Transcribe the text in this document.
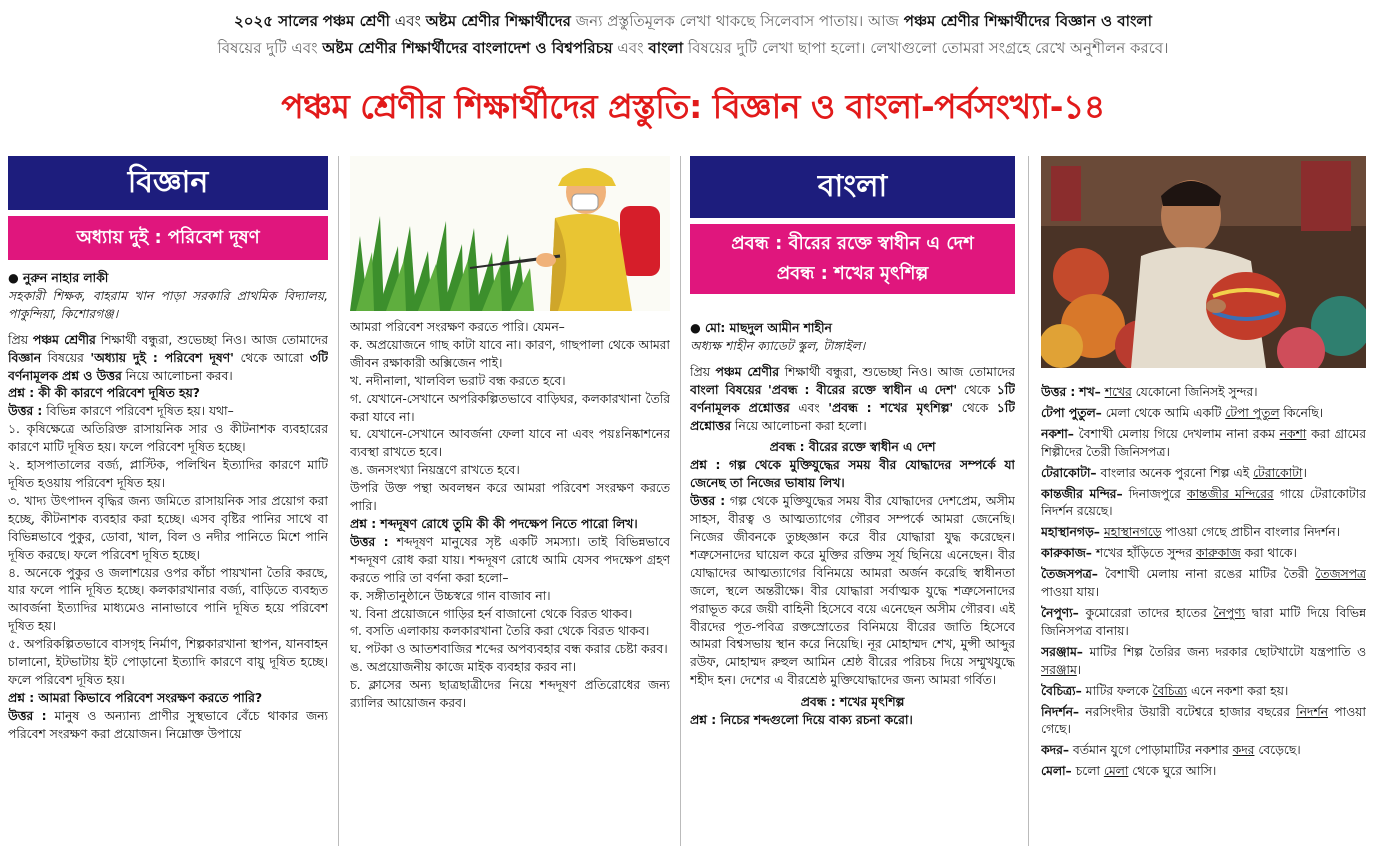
২০২৫ সালের পঞ্চম শ্রেণী এবং অষ্টম শ্রেণীর শিক্ষার্থীদের জন্য প্রস্তুতিমূলক লেখা থাকছে সিলেবাস পাতায়। আজ পঞ্চম শ্রেণীর শিক্ষার্থীদের বিজ্ঞান ও বাংলা
বিষয়ের দুটি এবং অষ্টম শ্রেণীর শিক্ষার্থীদের বাংলাদেশ ও বিশ্বপরিচয় এবং বাংলা বিষয়ের দুটি লেখা ছাপা হলো। লেখাগুলো তোমরা সংগ্রহে রেখে অনুশীলন করবে।
পঞ্চম শ্রেণীর শিক্ষার্থীদের প্রস্তুতি: বিজ্ঞান ও বাংলা-পর্বসংখ্যা-১৪
বিজ্ঞান
অধ্যায় দুই : পরিবেশ দূষণ
● নুরুন নাহার লাকী
সহকারী শিক্ষক, বাহরাম খান পাড়া সরকারি প্রাথমিক বিদ্যালয়, পাকুন্দিয়া, কিশোরগঞ্জ।

প্রিয় পঞ্চম শ্রেণীর শিক্ষার্থী বন্ধুরা, শুভেচ্ছা নিও। আজ তোমাদের বিজ্ঞান বিষয়ের 'অধ্যায় দুই : পরিবেশ দূষণ' থেকে আরো ৩টি বর্ণনামূলক প্রশ্ন ও উত্তর নিয়ে আলোচনা করব।

প্রশ্ন : কী কী কারণে পরিবেশ দূষিত হয়?

উত্তর : বিভিন্ন কারণে পরিবেশ দূষিত হয়। যথা–

১. কৃষিক্ষেত্রে অতিরিক্ত রাসায়নিক সার ও কীটনাশক ব্যবহারের কারণে মাটি দূষিত হয়। ফলে পরিবেশ দূষিত হচ্ছে।

২. হাসপাতালের বর্জ্য, প্লাস্টিক, পলিথিন ইত্যাদির কারণে মাটি দূষিত হওয়ায় পরিবেশ দূষিত হয়।

৩. খাদ্য উৎপাদন বৃদ্ধির জন্য জমিতে রাসায়নিক সার প্রয়োগ করা হচ্ছে, কীটনাশক ব্যবহার করা হচ্ছে। এসব বৃষ্টির পানির সাথে বা বিভিন্নভাবে পুকুর, ডোবা, খাল, বিল ও নদীর পানিতে মিশে পানি দূষিত করছে। ফলে পরিবেশ দূষিত হচ্ছে।

৪. অনেকে পুকুর ও জলাশয়ের ওপর কাঁচা পায়খানা তৈরি করছে, যার ফলে পানি দূষিত হচ্ছে। কলকারখানার বর্জ্য, বাড়িতে ব্যবহৃত আবর্জনা ইত্যাদির মাধ্যমেও নানাভাবে পানি দূষিত হয়ে পরিবেশ দূষিত হয়।

৫. অপরিকল্পিতভাবে বাসগৃহ নির্মাণ, শিল্পকারখানা স্থাপন, যানবাহন চালানো, ইটভাটায় ইট পোড়ানো ইত্যাদি কারণে বায়ু দূষিত হচ্ছে। ফলে পরিবেশ দূষিত হয়।

প্রশ্ন : আমরা কিভাবে পরিবেশ সংরক্ষণ করতে পারি?

উত্তর : মানুষ ও অন্যান্য প্রাণীর সুস্থভাবে বেঁচে থাকার জন্য পরিবেশ সংরক্ষণ করা প্রয়োজন। নিম্নোক্ত উপায়ে

আমরা পরিবেশ সংরক্ষণ করতে পারি। যেমন–

ক. অপ্রয়োজনে গাছ কাটা যাবে না। কারণ, গাছপালা থেকে আমরা জীবন রক্ষাকারী অক্সিজেন পাই।

খ. নদীনালা, খালবিল ভরাট বন্ধ করতে হবে।

গ. যেখানে-সেখানে অপরিকল্পিতভাবে বাড়িঘর, কলকারখানা তৈরি করা যাবে না।

ঘ. যেখানে-সেখানে আবর্জনা ফেলা যাবে না এবং পয়ঃনিষ্কাশনের ব্যবস্থা রাখতে হবে।

ঙ. জনসংখ্যা নিয়ন্ত্রণে রাখতে হবে।

উপরি উক্ত পন্থা অবলম্বন করে আমরা পরিবেশ সংরক্ষণ করতে পারি।

প্রশ্ন : শব্দদূষণ রোধে তুমি কী কী পদক্ষেপ নিতে পারো লিখ।

উত্তর : শব্দদূষণ মানুষের সৃষ্ট একটি সমস্যা। তাই বিভিন্নভাবে শব্দদূষণ রোধ করা যায়। শব্দদূষণ রোধে আমি যেসব পদক্ষেপ গ্রহণ করতে পারি তা বর্ণনা করা হলো–

ক. সঙ্গীতানুষ্ঠানে উচ্চস্বরে গান বাজাব না।

খ. বিনা প্রয়োজনে গাড়ির হর্ন বাজানো থেকে বিরত থাকব।

গ. বসতি এলাকায় কলকারখানা তৈরি করা থেকে বিরত থাকব।

ঘ. পটকা ও আতশবাজির শব্দের অপব্যবহার বন্ধ করার চেষ্টা করব।

ঙ. অপ্রয়োজনীয় কাজে মাইক ব্যবহার করব না।

চ. ক্লাসের অন্য ছাত্রছাত্রীদের নিয়ে শব্দদূষণ প্রতিরোধের জন্য র‍্যালির আয়োজন করব।

বাংলা
প্রবন্ধ : বীরের রক্তে স্বাধীন এ দেশ
প্রবন্ধ : শখের মৃৎশিল্প
● মো: মাছদুল আমীন শাহীন
অধ্যক্ষ শাহীন ক্যাডেট স্কুল, টাঙ্গাইল।

প্রিয় পঞ্চম শ্রেণীর শিক্ষার্থী বন্ধুরা, শুভেচ্ছা নিও। আজ তোমাদের বাংলা বিষয়ের 'প্রবন্ধ : বীরের রক্তে স্বাধীন এ দেশ' থেকে ১টি বর্ণনামূলক প্রশ্নোত্তর এবং 'প্রবন্ধ : শখের মৃৎশিল্প' থেকে ১টি প্রশ্নোত্তর নিয়ে আলোচনা করা হলো।

প্রবন্ধ : বীরের রক্তে স্বাধীন এ দেশ

প্রশ্ন : গল্প থেকে মুক্তিযুদ্ধের সময় বীর যোদ্ধাদের সম্পর্কে যা জেনেছ তা নিজের ভাষায় লিখ।

উত্তর : গল্প থেকে মুক্তিযুদ্ধের সময় বীর যোদ্ধাদের দেশপ্রেম, অসীম সাহস, বীরত্ব ও আত্মত্যাগের গৌরব সম্পর্কে আমরা জেনেছি। নিজের জীবনকে তুচ্ছজ্ঞান করে বীর যোদ্ধারা যুদ্ধ করেছেন। শত্রুসেনাদের ঘায়েল করে মুক্তির রক্তিম সূর্য ছিনিয়ে এনেছেন। বীর যোদ্ধাদের আত্মত্যাগের বিনিময়ে আমরা অর্জন করেছি স্বাধীনতা জলে, স্থলে অন্তরীক্ষে। বীর যোদ্ধারা সর্বাত্মক যুদ্ধে শত্রুসেনাদের পরাভূত করে জয়ী বাহিনী হিসেবে বয়ে এনেছেন অসীম গৌরব। এই বীরদের পূত-পবিত্র রক্তস্রোতের বিনিময়ে বীরের জাতি হিসেবে আমরা বিশ্বসভায় স্থান করে নিয়েছি। নূর মোহাম্মদ শেখ, মুন্সী আব্দুর রউফ, মোহাম্মদ রুহুল আমিন শ্রেষ্ঠ বীরের পরিচয় দিয়ে সম্মুখযুদ্ধে শহীদ হন। দেশের এ বীরশ্রেষ্ঠ মুক্তিযোদ্ধাদের জন্য আমরা গর্বিত।

প্রবন্ধ : শখের মৃৎশিল্প

প্রশ্ন : নিচের শব্দগুলো দিয়ে বাক্য রচনা করো।

উত্তর : শখ– শখের যেকোনো জিনিসই সুন্দর।

টেপা পুতুল– মেলা থেকে আমি একটি টেপা পুতুল কিনেছি।

নকশা– বৈশাখী মেলায় গিয়ে দেখলাম নানা রকম নকশা করা গ্রামের শিল্পীদের তৈরী জিনিসপত্র।

টেরাকোটা– বাংলার অনেক পুরনো শিল্প এই টেরাকোটা।

কান্তজীর মন্দির– দিনাজপুরে কান্তজীর মন্দিরের গায়ে টেরাকোটার নিদর্শন রয়েছে।

মহাস্থানগড়– মহাস্থানগড়ে পাওয়া গেছে প্রাচীন বাংলার নিদর্শন।

কারুকাজ– শখের হাঁড়িতে সুন্দর কারুকাজ করা থাকে।

তৈজসপত্র– বৈশাখী মেলায় নানা রঙের মাটির তৈরী তৈজসপত্র পাওয়া যায়।

নৈপুণ্য– কুমোরেরা তাদের হাতের নৈপুণ্য দ্বারা মাটি দিয়ে বিভিন্ন জিনিসপত্র বানায়।

সরঞ্জাম– মাটির শিল্প তৈরির জন্য দরকার ছোটখাটো যন্ত্রপাতি ও সরঞ্জাম।

বৈচিত্র্য– মাটির ফলকে বৈচিত্র্য এনে নকশা করা হয়।

নিদর্শন– নরসিংদীর উয়ারী বটেশ্বরে হাজার বছরের নিদর্শন পাওয়া গেছে।

কদর– বর্তমান যুগে পোড়ামাটির নকশার কদর বেড়েছে।

মেলা– চলো মেলা থেকে ঘুরে আসি।
